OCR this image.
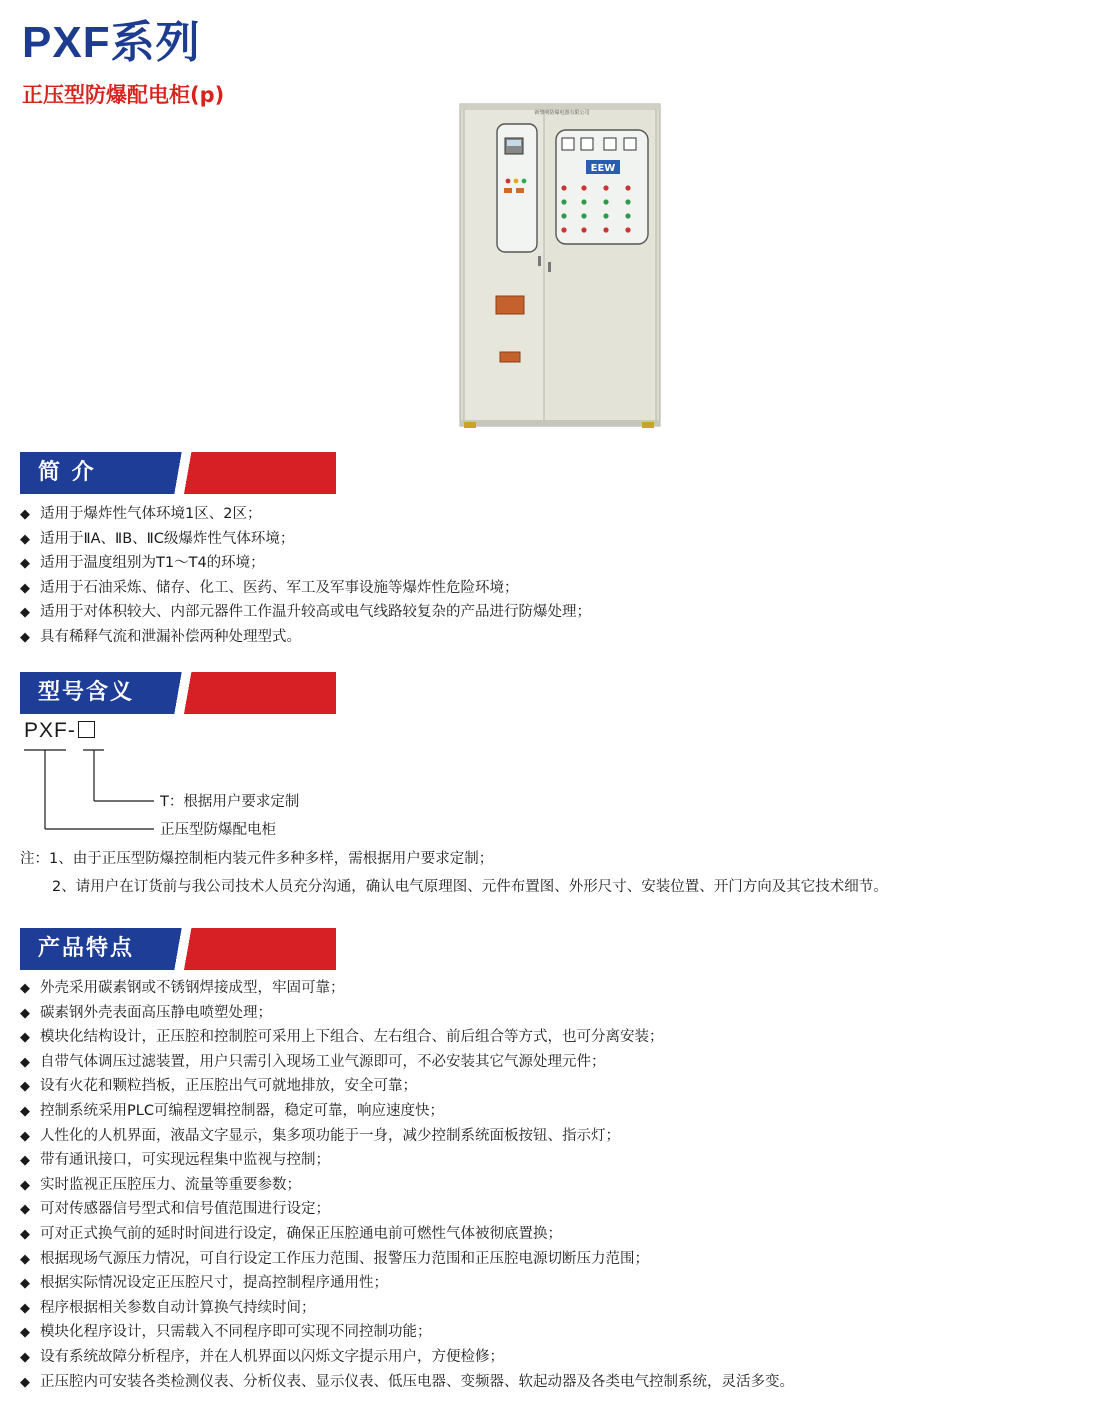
PXF系列
正压型防爆配电柜(p)
新黎明防爆电器有限公司
EEW
简 介
◆ 适用于爆炸性气体环境1区、2区；
◆ 适用于ⅡA、ⅡB、ⅡC级爆炸性气体环境；
◆ 适用于温度组别为T1～T4的环境；
◆ 适用于石油采炼、储存、化工、医药、军工及军事设施等爆炸性危险环境；
◆ 适用于对体积较大、内部元器件工作温升较高或电气线路较复杂的产品进行防爆处理；
◆ 具有稀释气流和泄漏补偿两种处理型式。
型号含义
PXF-
T：根据用户要求定制
正压型防爆配电柜
注：1、由于正压型防爆控制柜内装元件多种多样，需根据用户要求定制；
2、请用户在订货前与我公司技术人员充分沟通，确认电气原理图、元件布置图、外形尺寸、安装位置、开门方向及其它技术细节。
产品特点
◆ 外壳采用碳素钢或不锈钢焊接成型，牢固可靠；
◆ 碳素钢外壳表面高压静电喷塑处理；
◆ 模块化结构设计，正压腔和控制腔可采用上下组合、左右组合、前后组合等方式，也可分离安装；
◆ 自带气体调压过滤装置，用户只需引入现场工业气源即可，不必安装其它气源处理元件；
◆ 设有火花和颗粒挡板，正压腔出气可就地排放，安全可靠；
◆ 控制系统采用PLC可编程逻辑控制器，稳定可靠，响应速度快；
◆ 人性化的人机界面，液晶文字显示，集多项功能于一身，减少控制系统面板按钮、指示灯；
◆ 带有通讯接口，可实现远程集中监视与控制；
◆ 实时监视正压腔压力、流量等重要参数；
◆ 可对传感器信号型式和信号值范围进行设定；
◆ 可对正式换气前的延时时间进行设定，确保正压腔通电前可燃性气体被彻底置换；
◆ 根据现场气源压力情况，可自行设定工作压力范围、报警压力范围和正压腔电源切断压力范围；
◆ 根据实际情况设定正压腔尺寸，提高控制程序通用性；
◆ 程序根据相关参数自动计算换气持续时间；
◆ 模块化程序设计，只需载入不同程序即可实现不同控制功能；
◆ 设有系统故障分析程序，并在人机界面以闪烁文字提示用户，方便检修；
◆ 正压腔内可安装各类检测仪表、分析仪表、显示仪表、低压电器、变频器、软起动器及各类电气控制系统，灵活多变。
